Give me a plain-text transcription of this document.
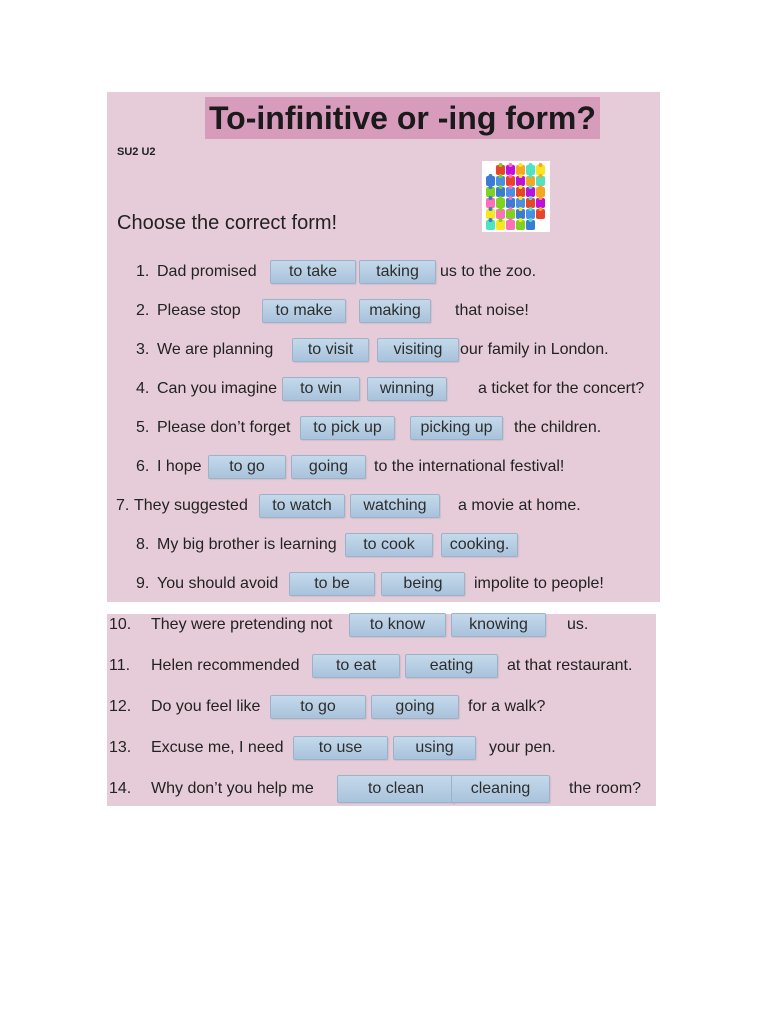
To-infinitive or -ing form?
SU2 U2
Choose the correct form!
1. Dad promised	to take	taking	us to the zoo.
2. Please stop	to make	making	that noise!
3. We are planning	to visit	visiting	our family in London.
4. Can you imagine	to win	winning	a ticket for the concert?
5. Please don’t forget	to pick up	picking up	the children.
6. I hope	to go	going	to the international festival!
7. They suggested	to watch	watching	a movie at home.
8. My big brother is learning	to cook	cooking.
9. You should avoid	to be	being	impolite to people!
10. They were pretending not	to know	knowing	us.
11. Helen recommended	to eat	eating	at that restaurant.
12. Do you feel like	to go	going	for a walk?
13. Excuse me, I need	to use	using	your pen.
14. Why don’t you help me	to clean	cleaning	the room?
